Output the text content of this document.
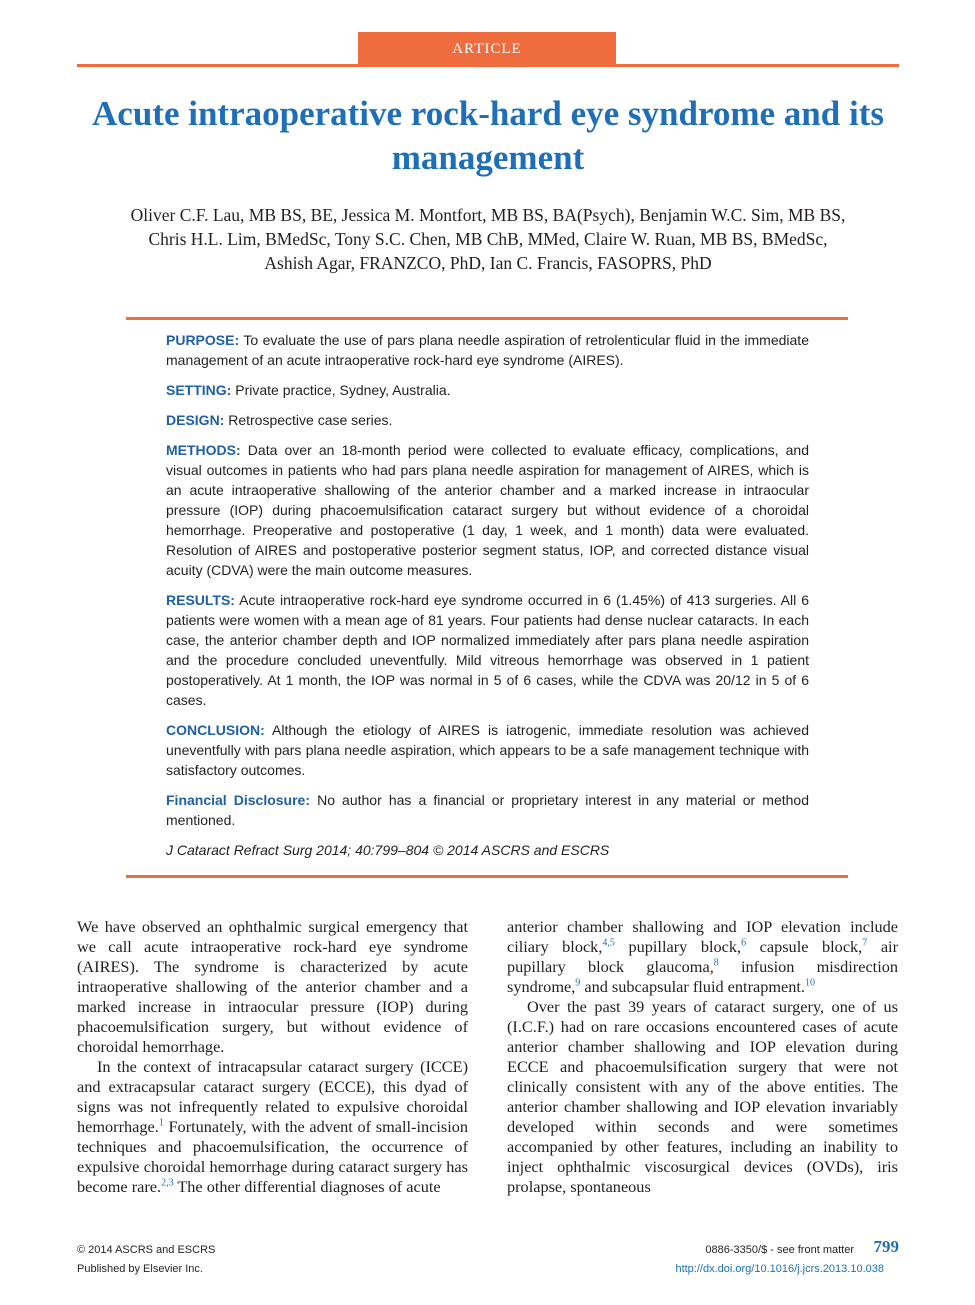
ARTICLE
Acute intraoperative rock-hard eye syndrome and its management
Oliver C.F. Lau, MB BS, BE, Jessica M. Montfort, MB BS, BA(Psych), Benjamin W.C. Sim, MB BS,
Chris H.L. Lim, BMedSc, Tony S.C. Chen, MB ChB, MMed, Claire W. Ruan, MB BS, BMedSc,
Ashish Agar, FRANZCO, PhD, Ian C. Francis, FASOPRS, PhD

PURPOSE: To evaluate the use of pars plana needle aspiration of retrolenticular fluid in the immediate management of an acute intraoperative rock-hard eye syndrome (AIRES).

SETTING: Private practice, Sydney, Australia.

DESIGN: Retrospective case series.

METHODS: Data over an 18-month period were collected to evaluate efficacy, complications, and visual outcomes in patients who had pars plana needle aspiration for management of AIRES, which is an acute intraoperative shallowing of the anterior chamber and a marked increase in intraocular pressure (IOP) during phacoemulsification cataract surgery but without evidence of a choroidal hemorrhage. Preoperative and postoperative (1 day, 1 week, and 1 month) data were evaluated. Resolution of AIRES and postoperative posterior segment status, IOP, and corrected distance visual acuity (CDVA) were the main outcome measures.

RESULTS: Acute intraoperative rock-hard eye syndrome occurred in 6 (1.45%) of 413 surgeries. All 6 patients were women with a mean age of 81 years. Four patients had dense nuclear cataracts. In each case, the anterior chamber depth and IOP normalized immediately after pars plana needle aspiration and the procedure concluded uneventfully. Mild vitreous hemorrhage was observed in 1 patient postoperatively. At 1 month, the IOP was normal in 5 of 6 cases, while the CDVA was 20/12 in 5 of 6 cases.

CONCLUSION: Although the etiology of AIRES is iatrogenic, immediate resolution was achieved uneventfully with pars plana needle aspiration, which appears to be a safe management technique with satisfactory outcomes.

Financial Disclosure: No author has a financial or proprietary interest in any material or method mentioned.

J Cataract Refract Surg 2014; 40:799–804 © 2014 ASCRS and ESCRS

We have observed an ophthalmic surgical emergency that we call acute intraoperative rock-hard eye syndrome (AIRES). The syndrome is characterized by acute intraoperative shallowing of the anterior chamber and a marked increase in intraocular pressure (IOP) during phacoemulsification surgery, but without evidence of choroidal hemorrhage.

In the context of intracapsular cataract surgery (ICCE) and extracapsular cataract surgery (ECCE), this dyad of signs was not infrequently related to expulsive choroidal hemorrhage.$^1$ Fortunately, with the advent of small-incision techniques and phacoemulsification, the occurrence of expulsive choroidal hemorrhage during cataract surgery has become rare.$^{2,3}$ The other differential diagnoses of acute

anterior chamber shallowing and IOP elevation include ciliary block,$^{4,5}$ pupillary block,$^6$ capsule block,$^7$ air pupillary block glaucoma,$^8$ infusion misdirection syndrome,$^9$ and subcapsular fluid entrapment.$^{10}$

Over the past 39 years of cataract surgery, one of us (I.C.F.) had on rare occasions encountered cases of acute anterior chamber shallowing and IOP elevation during ECCE and phacoemulsification surgery that were not clinically consistent with any of the above entities. The anterior chamber shallowing and IOP elevation invariably developed within seconds and were sometimes accompanied by other features, including an inability to inject ophthalmic viscosurgical devices (OVDs), iris prolapse, spontaneous

© 2014 ASCRS and ESCRS
Published by Elsevier Inc.
0886-3350/$ - see front matter
http://dx.doi.org/10.1016/j.jcrs.2013.10.038
799
